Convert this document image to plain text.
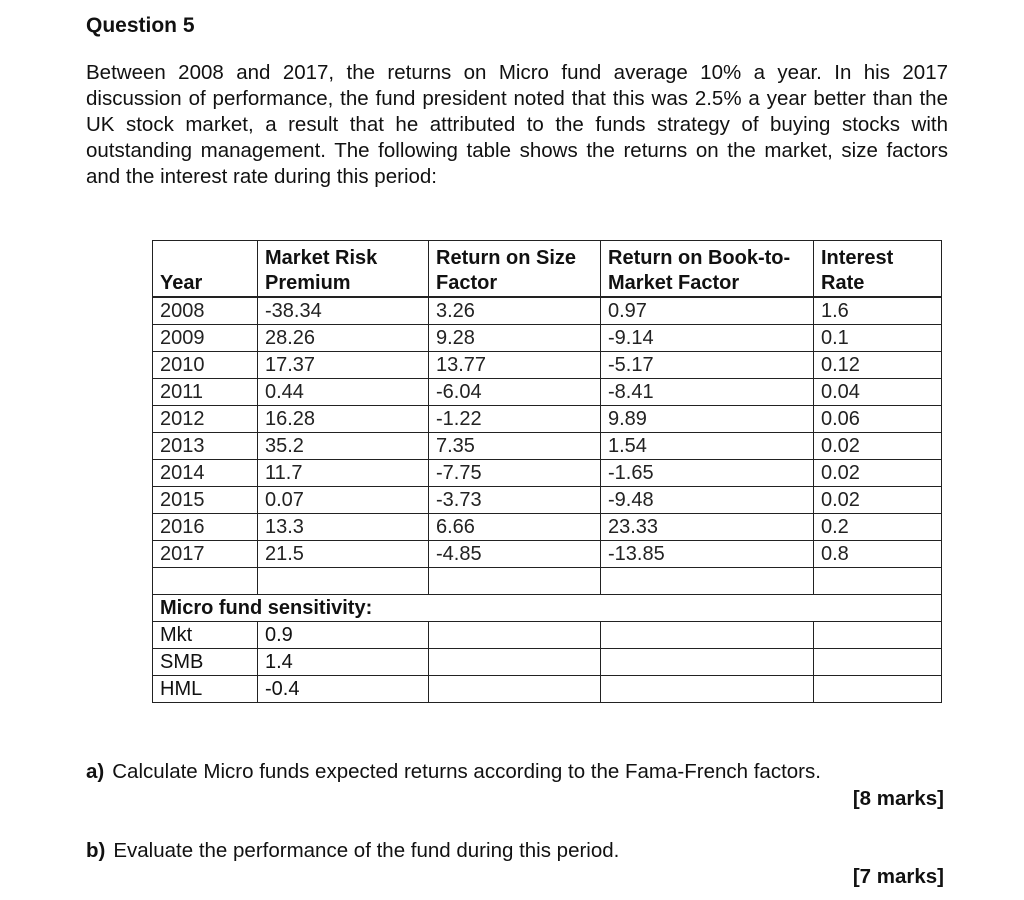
Question 5

Between 2008 and 2017, the returns on Micro fund average 10% a year. In his 2017 discussion of performance, the fund president noted that this was 2.5% a year better than the UK stock market, a result that he attributed to the funds strategy of buying stocks with outstanding management. The following table shows the returns on the market, size factors and the interest rate during this period:

Year	Market Risk Premium	Return on Size Factor	Return on Book-to-Market Factor	Interest Rate
2008	-38.34	3.26	0.97	1.6
2009	28.26	9.28	-9.14	0.1
2010	17.37	13.77	-5.17	0.12
2011	0.44	-6.04	-8.41	0.04
2012	16.28	-1.22	9.89	0.06
2013	35.2	7.35	1.54	0.02
2014	11.7	-7.75	-1.65	0.02
2015	0.07	-3.73	-9.48	0.02
2016	13.3	6.66	23.33	0.2
2017	21.5	-4.85	-13.85	0.8

Micro fund sensitivity:				
Mkt	0.9			
SMB	1.4			
HML	-0.4			

a) Calculate Micro funds expected returns according to the Fama-French factors.

[8 marks]

b) Evaluate the performance of the fund during this period.

[7 marks]
